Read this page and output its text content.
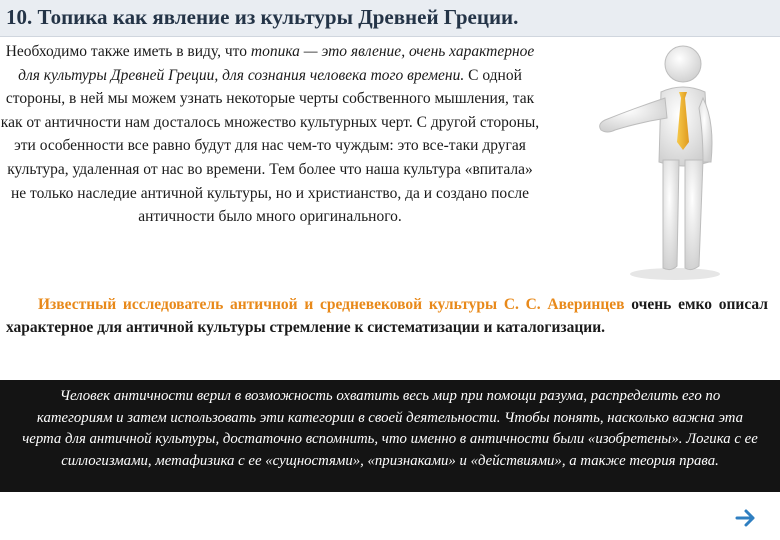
10. Топика как явление из культуры Древней Греции.
Необходимо также иметь в виду, что топика — это явление, очень характерное для культуры Древней Греции, для сознания человека того времени. С одной стороны, в ней мы можем узнать некоторые черты собственного мышления, так как от античности нам досталось множество культурных черт. С другой стороны, эти особенности все равно будут для нас чем-то чуждым: это все-таки другая культура, удаленная от нас во времени. Тем более что наша культура «впитала» не только наследие античной культуры, но и христианство, да и создано после античности было много оригинального.
Известный исследователь античной и средневековой культуры С. С. Аверинцев очень емко описал характерное для античной культуры стремление к систематизации и каталогизации.
Человек античности верил в возможность охватить весь мир при помощи разума, распределить его по категориям и затем использовать эти категории в своей деятельности. Чтобы понять, насколько важна эта черта для античной культуры, достаточно вспомнить, что именно в античности были «изобретены». Логика с ее силлогизмами, метафизика с ее «сущностями», «признаками» и «действиями», а также теория права.
